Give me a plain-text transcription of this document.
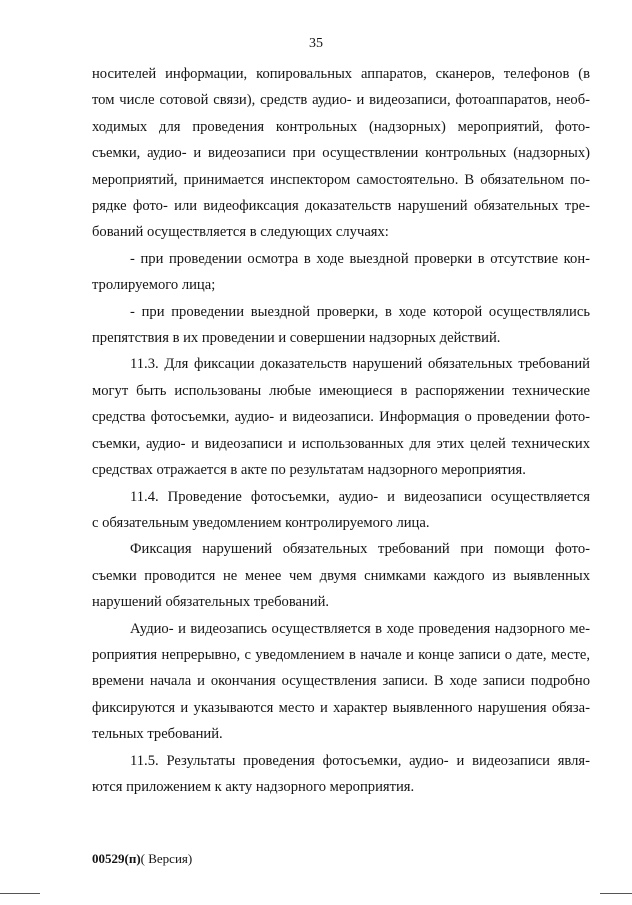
35
носителей информации, копировальных аппаратов, сканеров, телефонов (в
том числе сотовой связи), средств аудио- и видеозаписи, фотоаппаратов, необ-
ходимых для проведения контрольных (надзорных) мероприятий, фото-
съемки, аудио- и видеозаписи при осуществлении контрольных (надзорных)
мероприятий, принимается инспектором самостоятельно. В обязательном по-
рядке фото- или видеофиксация доказательств нарушений обязательных тре-
бований осуществляется в следующих случаях:
- при проведении осмотра в ходе выездной проверки в отсутствие кон-
тролируемого лица;
- при проведении выездной проверки, в ходе которой осуществлялись
препятствия в их проведении и совершении надзорных действий.
11.3. Для фиксации доказательств нарушений обязательных требований
могут быть использованы любые имеющиеся в распоряжении технические
средства фотосъемки, аудио- и видеозаписи. Информация о проведении фото-
съемки, аудио- и видеозаписи и использованных для этих целей технических
средствах отражается в акте по результатам надзорного мероприятия.
11.4. Проведение фотосъемки, аудио- и видеозаписи осуществляется
с обязательным уведомлением контролируемого лица.
Фиксация нарушений обязательных требований при помощи фото-
съемки проводится не менее чем двумя снимками каждого из выявленных
нарушений обязательных требований.
Аудио- и видеозапись осуществляется в ходе проведения надзорного ме-
роприятия непрерывно, с уведомлением в начале и конце записи о дате, месте,
времени начала и окончания осуществления записи. В ходе записи подробно
фиксируются и указываются место и характер выявленного нарушения обяза-
тельных требований.
11.5. Результаты проведения фотосъемки, аудио- и видеозаписи явля-
ются приложением к акту надзорного мероприятия.
00529(п)( Версия)
